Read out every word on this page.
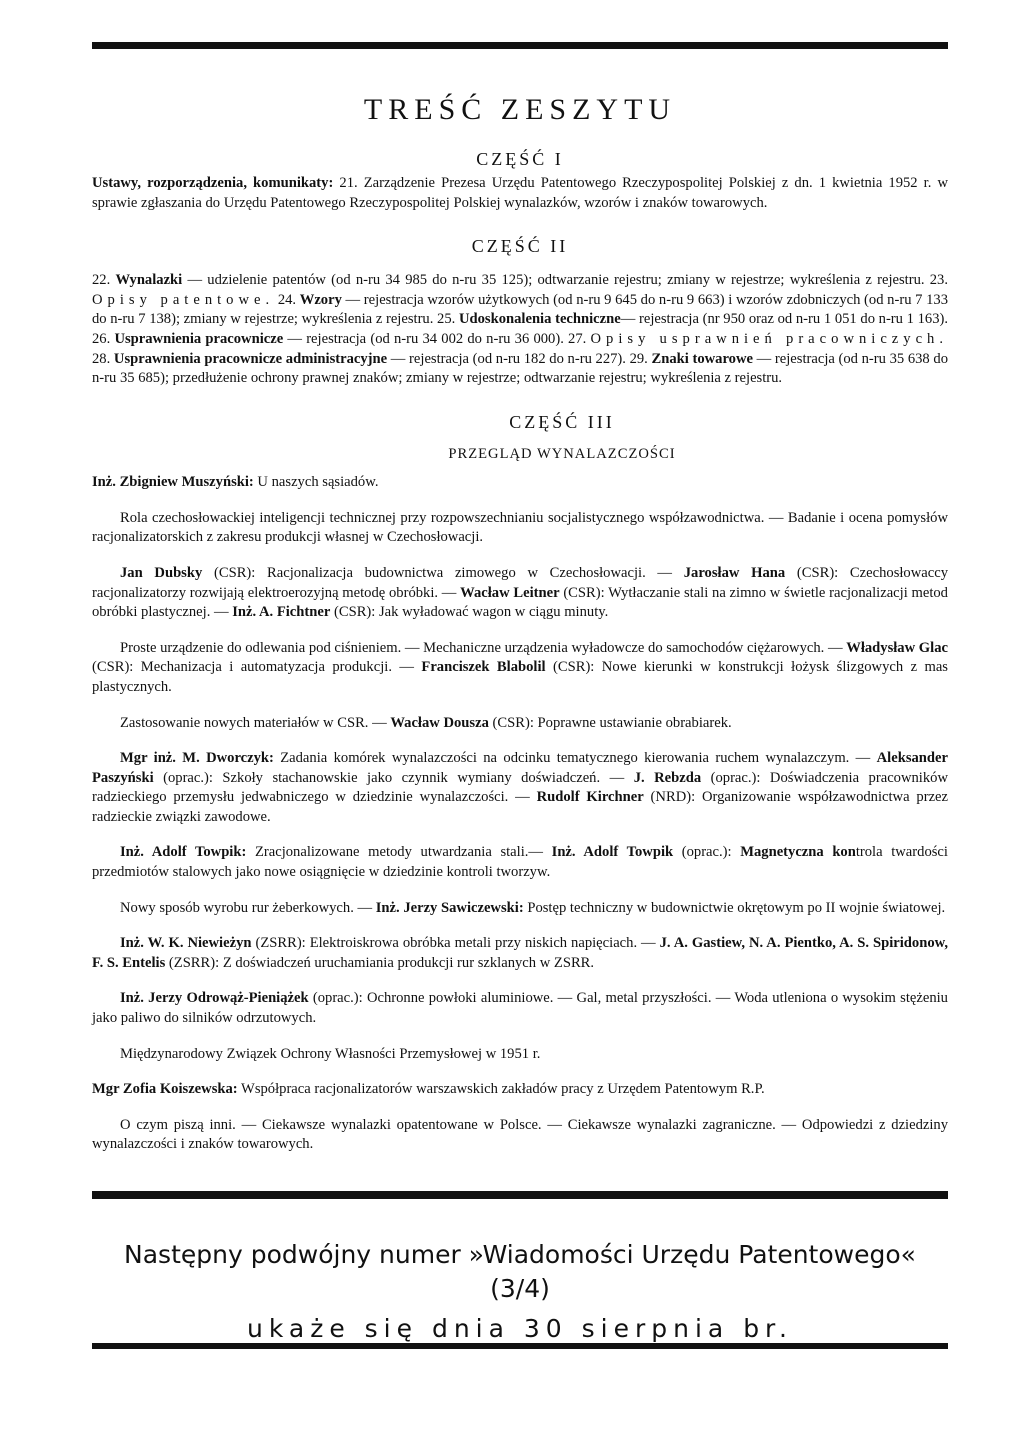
TREŚĆ ZESZYTU
CZĘŚĆ I

Ustawy, rozporządzenia, komunikaty: 21. Zarządzenie Prezesa Urzędu Patentowego Rzeczypospolitej Polskiej z dn. 1 kwietnia 1952 r. w sprawie zgłaszania do Urzędu Patentowego Rzeczypospolitej Polskiej wynalazków, wzorów i znaków towarowych.

CZĘŚĆ II

22. Wynalazki — udzielenie patentów (od n-ru 34 985 do n-ru 35 125); odtwarzanie rejestru; zmiany w rejestrze; wykreślenia z rejestru. 23. Opisy patentowe. 24. Wzory — rejestracja wzorów użytkowych (od n-ru 9 645 do n-ru 9 663) i wzorów zdobniczych (od n-ru 7 133 do n-ru 7 138); zmiany w rejestrze; wykreślenia z rejestru. 25. Udoskonalenia techniczne— rejestracja (nr 950 oraz od n-ru 1 051 do n-ru 1 163). 26. Usprawnienia pracownicze — rejestracja (od n-ru 34 002 do n-ru 36 000). 27. Opisy usprawnień pracowniczych. 28. Usprawnienia pracownicze administracyjne — rejestracja (od n-ru 182 do n-ru 227). 29. Znaki towarowe — rejestracja (od n-ru 35 638 do n-ru 35 685); przedłużenie ochrony prawnej znaków; zmiany w rejestrze; odtwarzanie rejestru; wykreślenia z rejestru.

CZĘŚĆ III
PRZEGLĄD WYNALAZCZOŚCI
Inż. Zbigniew Muszyński: U naszych sąsiadów.

Rola czechosłowackiej inteligencji technicznej przy rozpowszechnianiu socjalistycznego współzawodnictwa. — Badanie i ocena pomysłów racjonalizatorskich z zakresu produkcji własnej w Czechosłowacji.

Jan Dubsky (CSR): Racjonalizacja budownictwa zimowego w Czechosłowacji. — Jarosław Hana (CSR): Czechosłowaccy racjonalizatorzy rozwijają elektroerozyjną metodę obróbki. — Wacław Leitner (CSR): Wytłaczanie stali na zimno w świetle racjonalizacji metod obróbki plastycznej. — Inż. A. Fichtner (CSR): Jak wyładować wagon w ciągu minuty.

Proste urządzenie do odlewania pod ciśnieniem. — Mechaniczne urządzenia wyładowcze do samochodów ciężarowych. — Władysław Glac (CSR): Mechanizacja i automatyzacja produkcji. — Franciszek Blabolil (CSR): Nowe kierunki w konstrukcji łożysk ślizgowych z mas plastycznych.

Zastosowanie nowych materiałów w CSR. — Wacław Dousza (CSR): Poprawne ustawianie obrabiarek.

Mgr inż. M. Dworczyk: Zadania komórek wynalazczości na odcinku tematycznego kierowania ruchem wynalazczym. — Aleksander Paszyński (oprac.): Szkoły stachanowskie jako czynnik wymiany doświadczeń. — J. Rebzda (oprac.): Doświadczenia pracowników radzieckiego przemysłu jedwabniczego w dziedzinie wynalazczości. — Rudolf Kirchner (NRD): Organizowanie współzawodnictwa przez radzieckie związki zawodowe.

Inż. Adolf Towpik: Zracjonalizowane metody utwardzania stali.— Inż. Adolf Towpik (oprac.): Magnetyczna kontrola twardości przedmiotów stalowych jako nowe osiągnięcie w dziedzinie kontroli tworzyw.

Nowy sposób wyrobu rur żeberkowych. — Inż. Jerzy Sawiczewski: Postęp techniczny w budownictwie okrętowym po II wojnie światowej.

Inż. W. K. Niewieżyn (ZSRR): Elektroiskrowa obróbka metali przy niskich napięciach. — J. A. Gastiew, N. A. Pientko, A. S. Spiridonow, F. S. Entelis (ZSRR): Z doświadczeń uruchamiania produkcji rur szklanych w ZSRR.

Inż. Jerzy Odrowąż-Pieniążek (oprac.): Ochronne powłoki aluminiowe. — Gal, metal przyszłości. — Woda utleniona o wysokim stężeniu jako paliwo do silników odrzutowych.

Międzynarodowy Związek Ochrony Własności Przemysłowej w 1951 r.

Mgr Zofia Koiszewska: Współpraca racjonalizatorów warszawskich zakładów pracy z Urzędem Patentowym R.P.

O czym piszą inni. — Ciekawsze wynalazki opatentowane w Polsce. — Ciekawsze wynalazki zagraniczne. — Odpowiedzi z dziedziny wynalazczości i znaków towarowych.

Następny podwójny numer »Wiadomości Urzędu Patentowego« (3/4)
ukaże się dnia 30 sierpnia br.
